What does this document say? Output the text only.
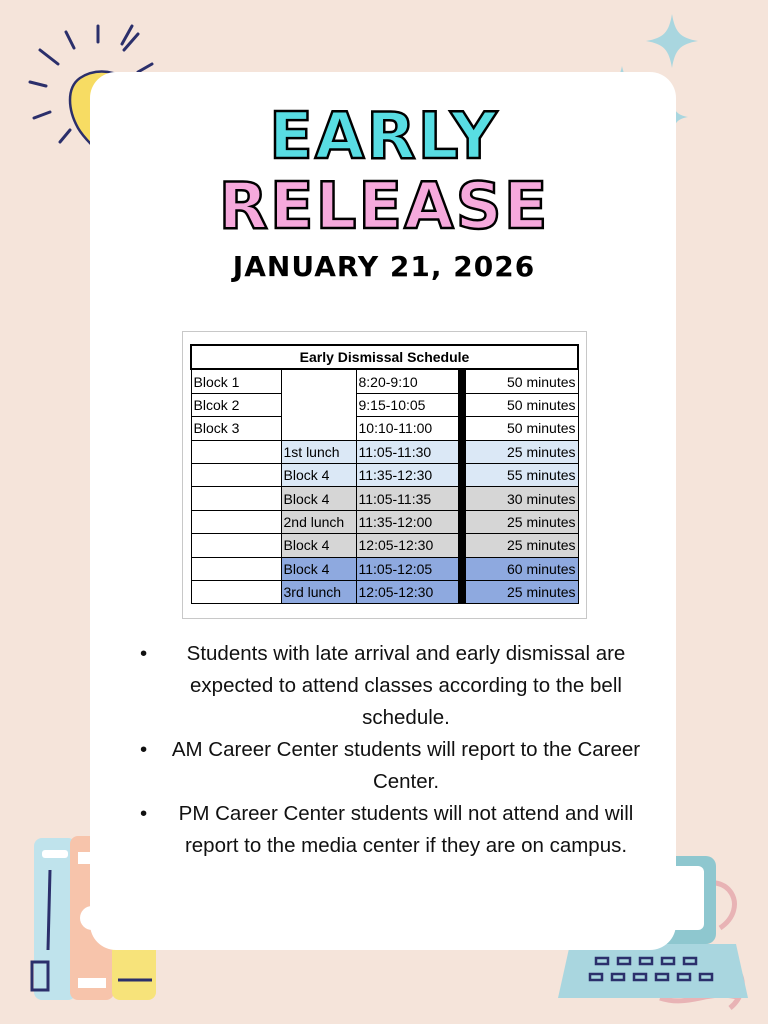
EARLY
RELEASE
JANUARY 21, 2026
Early Dismissal Schedule				
Block 1		8:20-9:10		50 minutes
Blcok 2		9:15-10:05		50 minutes
Block 3		10:10-11:00		50 minutes
	1st lunch	11:05-11:30		25 minutes
	Block 4	11:35-12:30		55 minutes
	Block 4	11:05-11:35		30 minutes
	2nd lunch	11:35-12:00		25 minutes
	Block 4	12:05-12:30		25 minutes
	Block 4	11:05-12:05		60 minutes
	3rd lunch	12:05-12:30		25 minutes
• Students with late arrival and early dismissal are expected to attend classes according to the bell schedule.
• AM Career Center students will report to the Career Center.
• PM Career Center students will not attend and will report to the media center if they are on campus.
